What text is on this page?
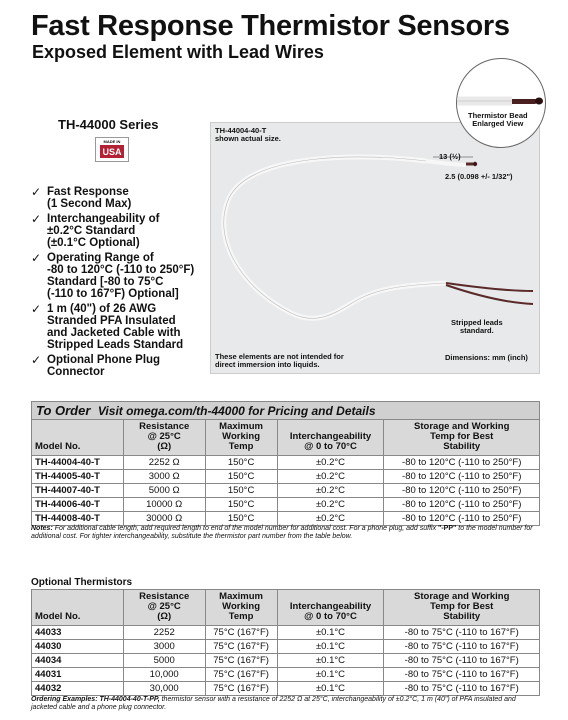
Fast Response Thermistor Sensors
Exposed Element with Lead Wires
TH-44000 Series
MADE IN
USA
✓ Fast Response
(1 Second Max)
✓ Interchangeability of
±0.2°C Standard
(±0.1°C Optional)
✓ Operating Range of
-80 to 120°C (-110 to 250°F)
Standard [-80 to 75°C
(-110 to 167°F) Optional]
✓ 1 m (40") of 26 AWG
Stranded PFA Insulated
and Jacketed Cable with
Stripped Leads Standard
✓ Optional Phone Plug
Connector
TH-44004-40-T
shown actual size.
13 (½)
2.5 (0.098 +/- 1/32")
Stripped leads
standard.
These elements are not intended for
direct immersion into liquids.
Dimensions: mm (inch)
Thermistor Bead
Enlarged View
To Order Visit omega.com/th-44000 for Pricing and Details
Model No.	Resistance
@ 25°C
(Ω)	Maximum
Working
Temp	Interchangeability
@ 0 to 70°C	Storage and Working
Temp for Best
Stability
TH-44004-40-T	2252 Ω	150°C	±0.2°C	-80 to 120°C (-110 to 250°F)
TH-44005-40-T	3000 Ω	150°C	±0.2°C	-80 to 120°C (-110 to 250°F)
TH-44007-40-T	5000 Ω	150°C	±0.2°C	-80 to 120°C (-110 to 250°F)
TH-44006-40-T	10000 Ω	150°C	±0.2°C	-80 to 120°C (-110 to 250°F)
TH-44008-40-T	30000 Ω	150°C	±0.2°C	-80 to 120°C (-110 to 250°F)
Notes: For additional cable length, add required length to end of the model number for additional cost. For a phone plug, add suffix "-PP" to the model number for additional cost. For tighter interchangeability, substitute the thermistor part number from the table below.
Optional Thermistors
Model No.	Resistance
@ 25°C
(Ω)	Maximum
Working
Temp	Interchangeability
@ 0 to 70°C	Storage and Working
Temp for Best
Stability
44033	2252	75°C (167°F)	±0.1°C	-80 to 75°C (-110 to 167°F)
44030	3000	75°C (167°F)	±0.1°C	-80 to 75°C (-110 to 167°F)
44034	5000	75°C (167°F)	±0.1°C	-80 to 75°C (-110 to 167°F)
44031	10,000	75°C (167°F)	±0.1°C	-80 to 75°C (-110 to 167°F)
44032	30,000	75°C (167°F)	±0.1°C	-80 to 75°C (-110 to 167°F)
Ordering Examples: TH-44004-40-T-PP, thermistor sensor with a resistance of 2252 Ω at 25°C, interchangeability of ±0.2°C, 1 m (40") of PFA insulated and jacketed cable and a phone plug connector.
